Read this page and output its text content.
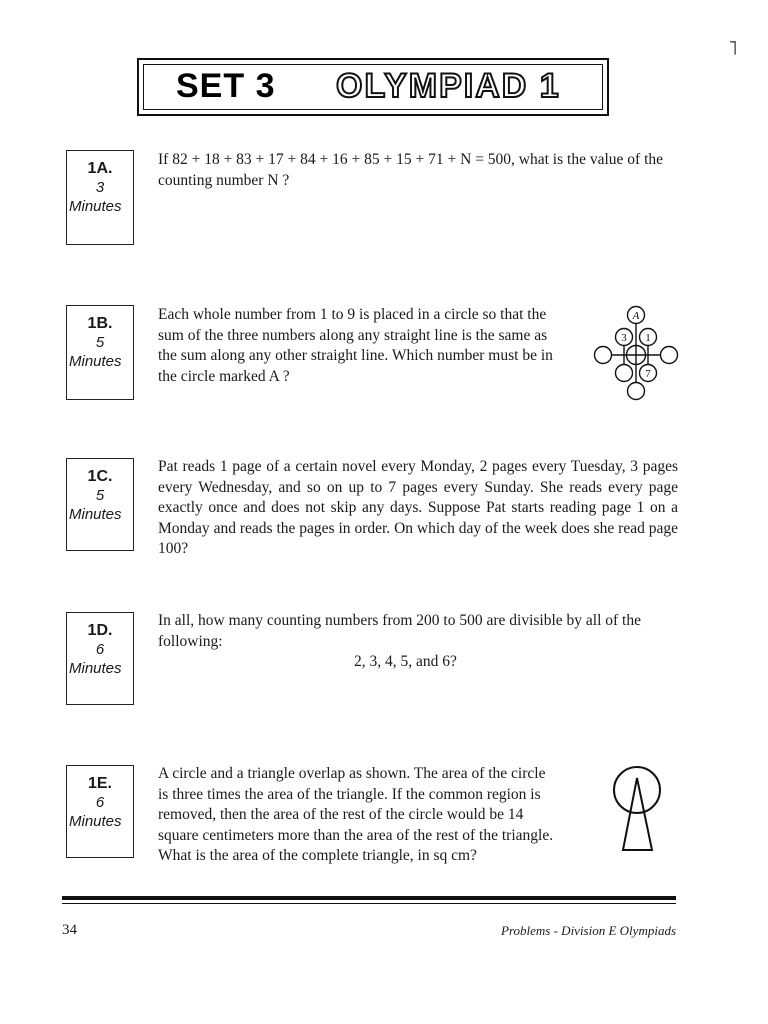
˥
SET 3 OLYMPIAD 1
1A.
3
Minutes
If 82 + 18 + 83 + 17 + 84 + 16 + 85 + 15 + 71 + N = 500, what is the value of the counting number N ?
1B.
5
Minutes
Each whole number from 1 to 9 is placed in a circle so that the sum of the three numbers along any straight line is the same as the sum along any other straight line. Which number must be in the circle marked A ?
A
3 1
7
1C.
5
Minutes
Pat reads 1 page of a certain novel every Monday, 2 pages every Tuesday, 3 pages every Wednesday, and so on up to 7 pages every Sunday. She reads every page exactly once and does not skip any days. Suppose Pat starts reading page 1 on a Monday and reads the pages in order. On which day of the week does she read page 100?
1D.
6
Minutes
In all, how many counting numbers from 200 to 500 are divisible by all of the following:
2, 3, 4, 5, and 6?
1E.
6
Minutes
A circle and a triangle overlap as shown. The area of the circle is three times the area of the triangle. If the common region is removed, then the area of the rest of the circle would be 14 square centimeters more than the area of the rest of the triangle. What is the area of the complete triangle, in sq cm?
34	Problems - Division E Olympiads
